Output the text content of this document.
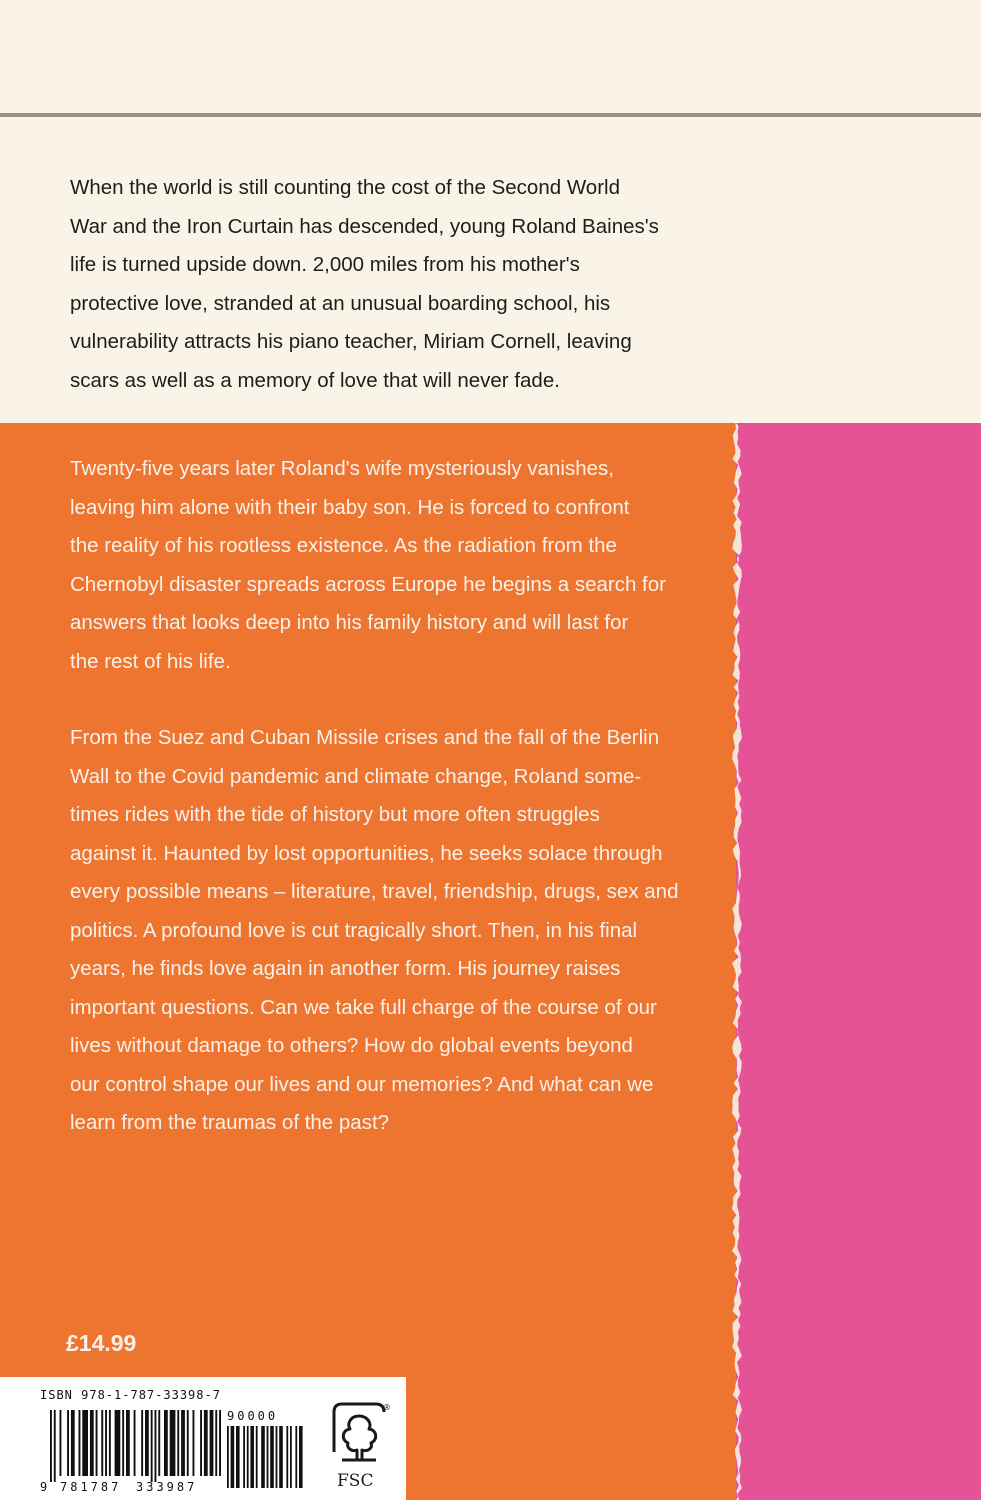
When the world is still counting the cost of the Second World
War and the Iron Curtain has descended, young Roland Baines's
life is turned upside down. 2,000 miles from his mother's
protective love, stranded at an unusual boarding school, his
vulnerability attracts his piano teacher, Miriam Cornell, leaving
scars as well as a memory of love that will never fade.

Twenty-five years later Roland's wife mysteriously vanishes,
leaving him alone with their baby son. He is forced to confront
the reality of his rootless existence. As the radiation from the
Chernobyl disaster spreads across Europe he begins a search for
answers that looks deep into his family history and will last for
the rest of his life.

From the Suez and Cuban Missile crises and the fall of the Berlin
Wall to the Covid pandemic and climate change, Roland some-
times rides with the tide of history but more often struggles
against it. Haunted by lost opportunities, he seeks solace through
every possible means – literature, travel, friendship, drugs, sex and
politics. A profound love is cut tragically short. Then, in his final
years, he finds love again in another form. His journey raises
important questions. Can we take full charge of the course of our
lives without damage to others? How do global events beyond
our control shape our lives and our memories? And what can we
learn from the traumas of the past?

£14.99

ISBN 978-1-787-33398-7

9 781787 333987
90000
®
FSC
